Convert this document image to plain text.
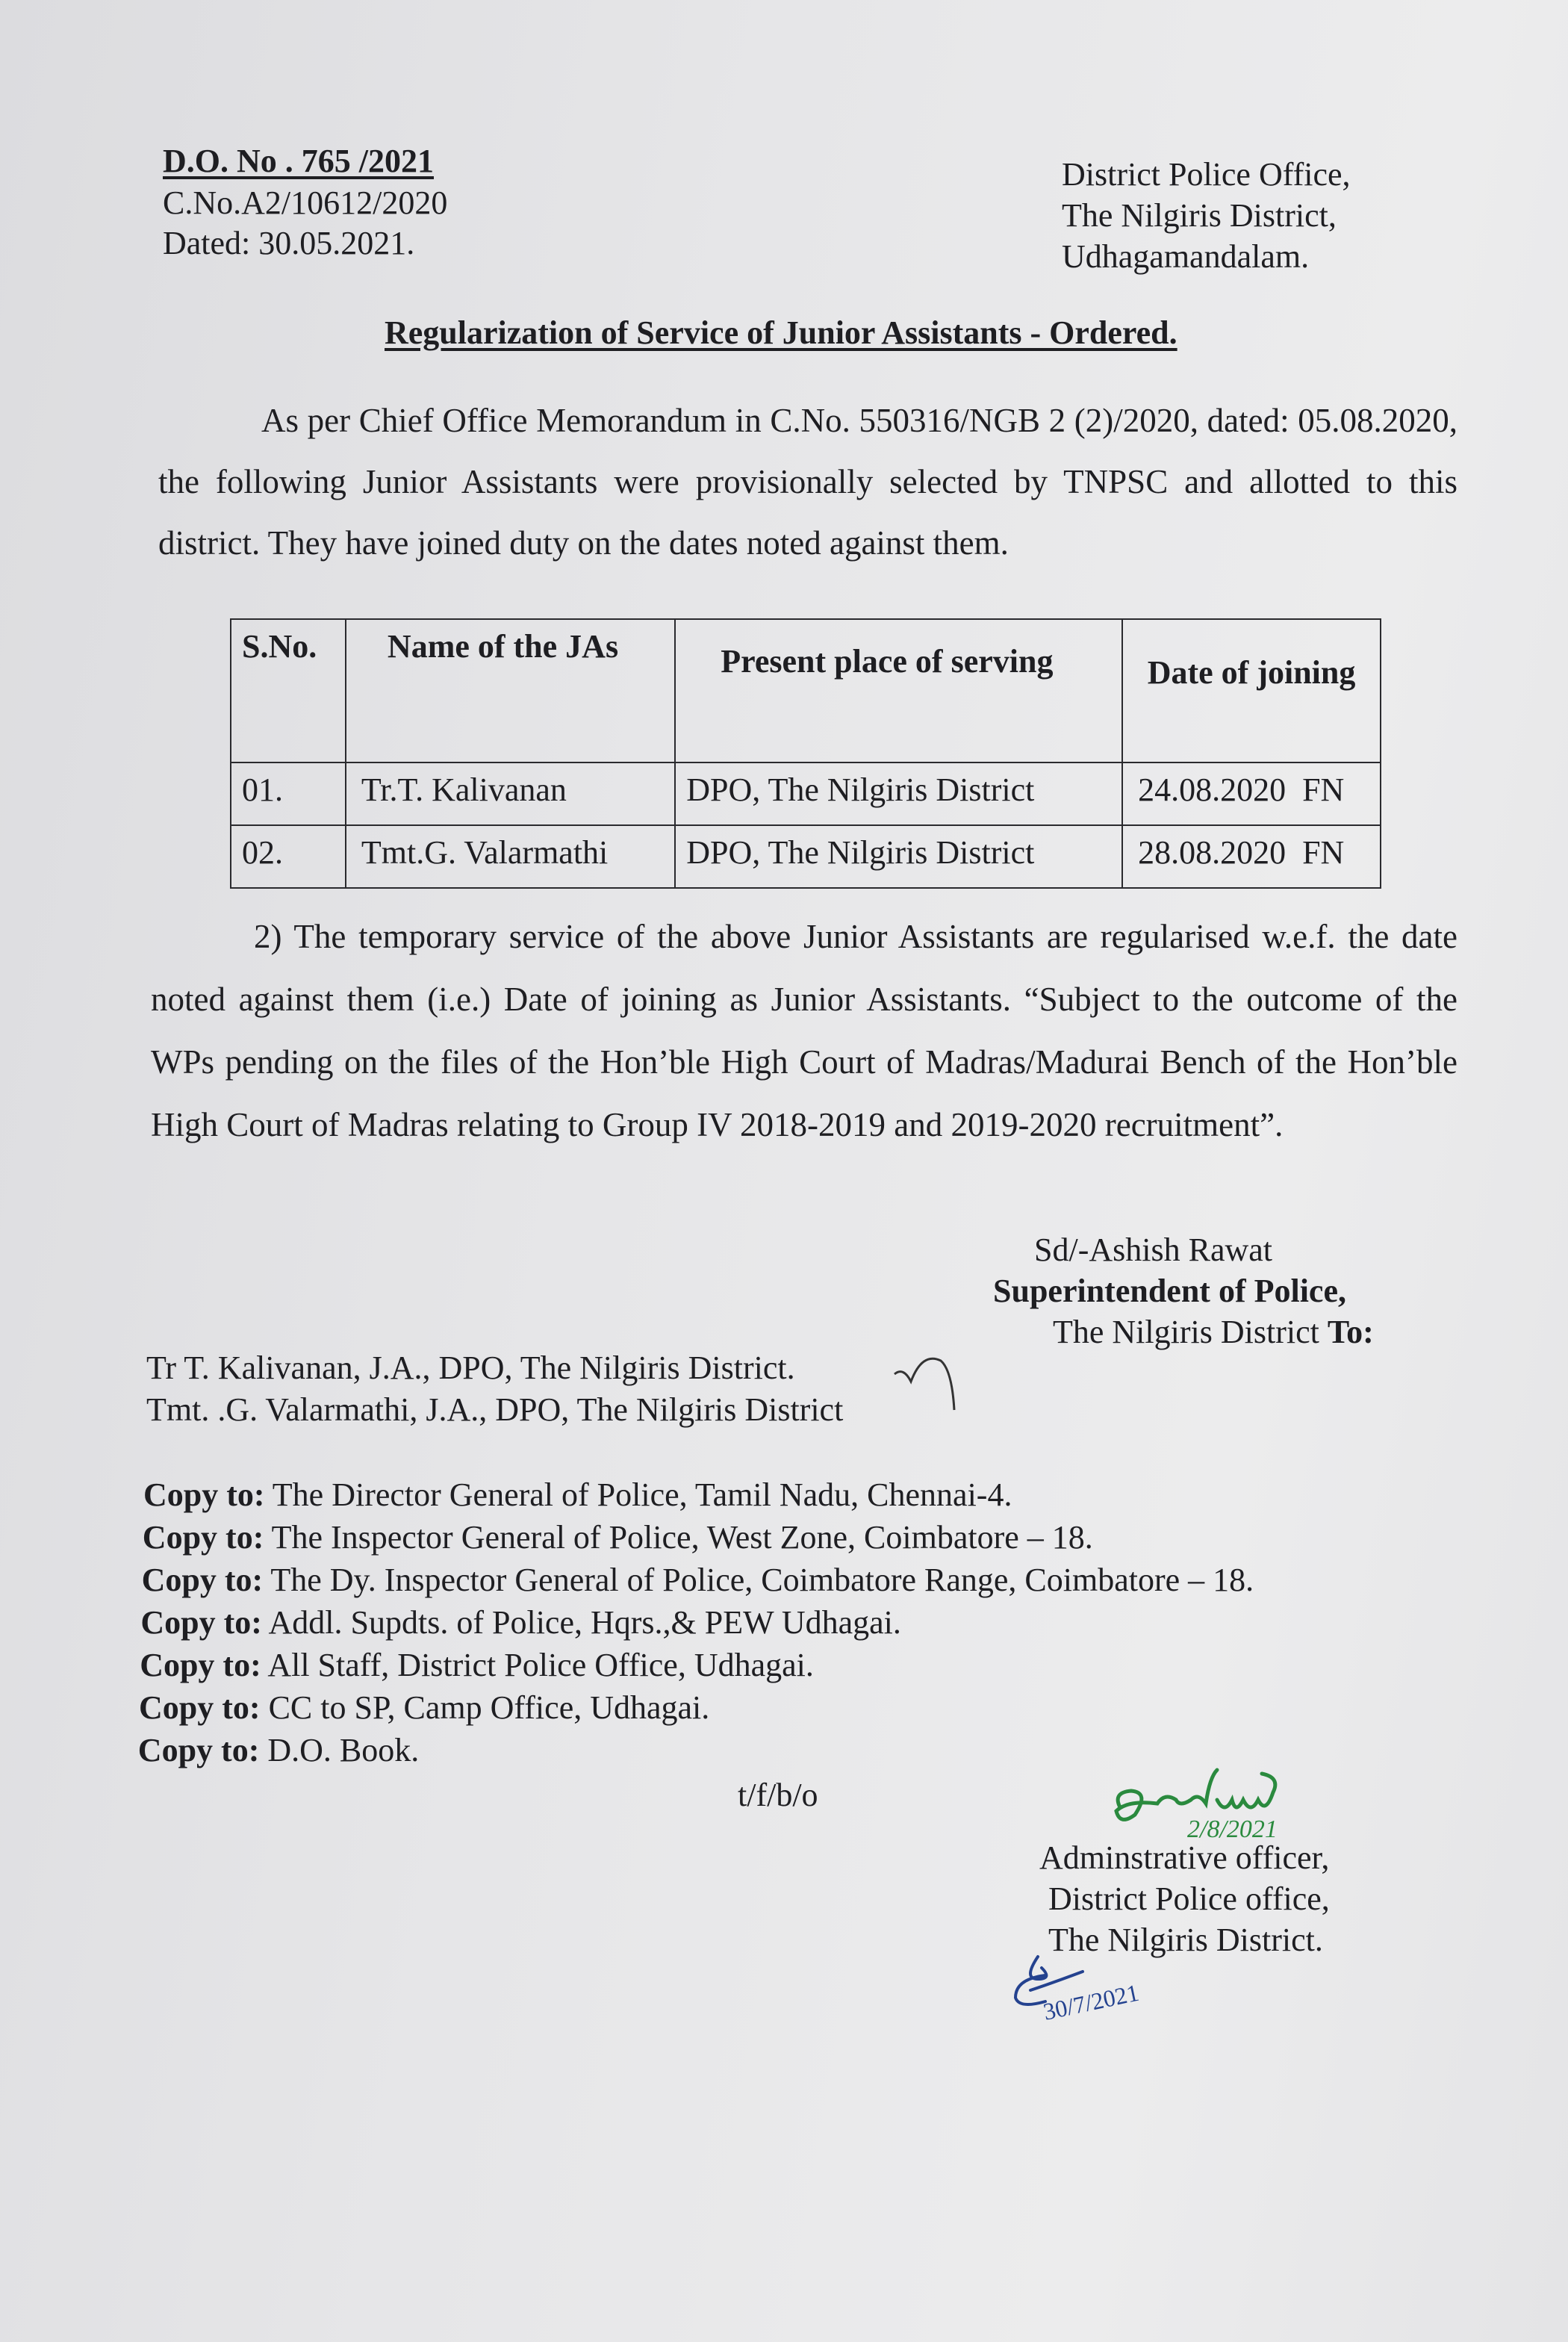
D.O. No . 765 /2021
C.No.A2/10612/2020
Dated: 30.05.2021.
District Police Office,
The Nilgiris District,
Udhagamandalam.
Regularization of Service of Junior Assistants - Ordered.
As per Chief Office Memorandum in C.No. 550316/NGB 2 (2)/2020, dated: 05.08.2020, the following Junior Assistants were provisionally selected by TNPSC and allotted to this district. They have joined duty on the dates noted against them.
S.No.	Name of the JAs	Present place of serving	Date of joining
01.	Tr.T. Kalivanan	DPO, The Nilgiris District	24.08.2020  FN
02.	Tmt.G. Valarmathi	DPO, The Nilgiris District	28.08.2020  FN
2) The temporary service of the above Junior Assistants are regularised w.e.f. the date noted against them (i.e.) Date of joining as Junior Assistants. “Subject to the outcome of the WPs pending on the files of the Hon’ble High Court of Madras/Madurai Bench of the Hon’ble High Court of Madras relating to Group IV 2018-2019 and 2019-2020 recruitment”.
Sd/-Ashish Rawat
Superintendent of Police,
The Nilgiris District To:
Tr T. Kalivanan, J.A., DPO, The Nilgiris District.
Tmt. .G. Valarmathi, J.A., DPO, The Nilgiris District
Copy to: The Director General of Police, Tamil Nadu, Chennai-4.
Copy to: The Inspector General of Police, West Zone, Coimbatore – 18.
Copy to: The Dy. Inspector General of Police, Coimbatore Range, Coimbatore – 18.
Copy to: Addl. Supdts. of Police, Hqrs.,& PEW Udhagai.
Copy to: All Staff, District Police Office, Udhagai.
Copy to: CC to SP, Camp Office, Udhagai.
Copy to: D.O. Book.
t/f/b/o
2/8/2021
Adminstrative officer,
District Police office,
The Nilgiris District.
30/7/2021
